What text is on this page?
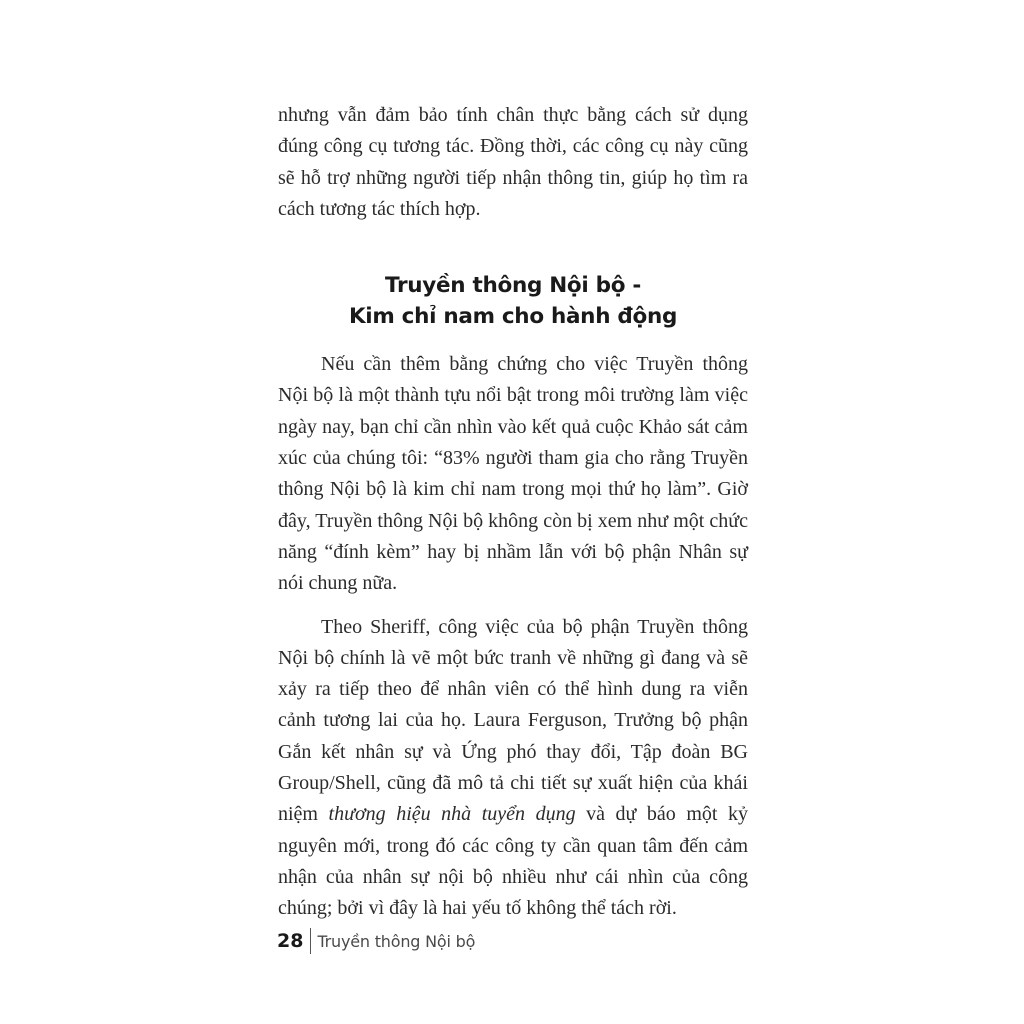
nhưng vẫn đảm bảo tính chân thực bằng cách sử dụng đúng công cụ tương tác. Đồng thời, các công cụ này cũng sẽ hỗ trợ những người tiếp nhận thông tin, giúp họ tìm ra cách tương tác thích hợp.

Truyền thông Nội bộ -
Kim chỉ nam cho hành động

Nếu cần thêm bằng chứng cho việc Truyền thông Nội bộ là một thành tựu nổi bật trong môi trường làm việc ngày nay, bạn chỉ cần nhìn vào kết quả cuộc Khảo sát cảm xúc của chúng tôi: “83% người tham gia cho rằng Truyền thông Nội bộ là kim chỉ nam trong mọi thứ họ làm”. Giờ đây, Truyền thông Nội bộ không còn bị xem như một chức năng “đính kèm” hay bị nhầm lẫn với bộ phận Nhân sự nói chung nữa.

Theo Sheriff, công việc của bộ phận Truyền thông Nội bộ chính là vẽ một bức tranh về những gì đang và sẽ xảy ra tiếp theo để nhân viên có thể hình dung ra viễn cảnh tương lai của họ. Laura Ferguson, Trưởng bộ phận Gắn kết nhân sự và Ứng phó thay đổi, Tập đoàn BG Group/Shell, cũng đã mô tả chi tiết sự xuất hiện của khái niệm thương hiệu nhà tuyển dụng và dự báo một kỷ nguyên mới, trong đó các công ty cần quan tâm đến cảm nhận của nhân sự nội bộ nhiều như cái nhìn của công chúng; bởi vì đây là hai yếu tố không thể tách rời.

28 Truyền thông Nội bộ
